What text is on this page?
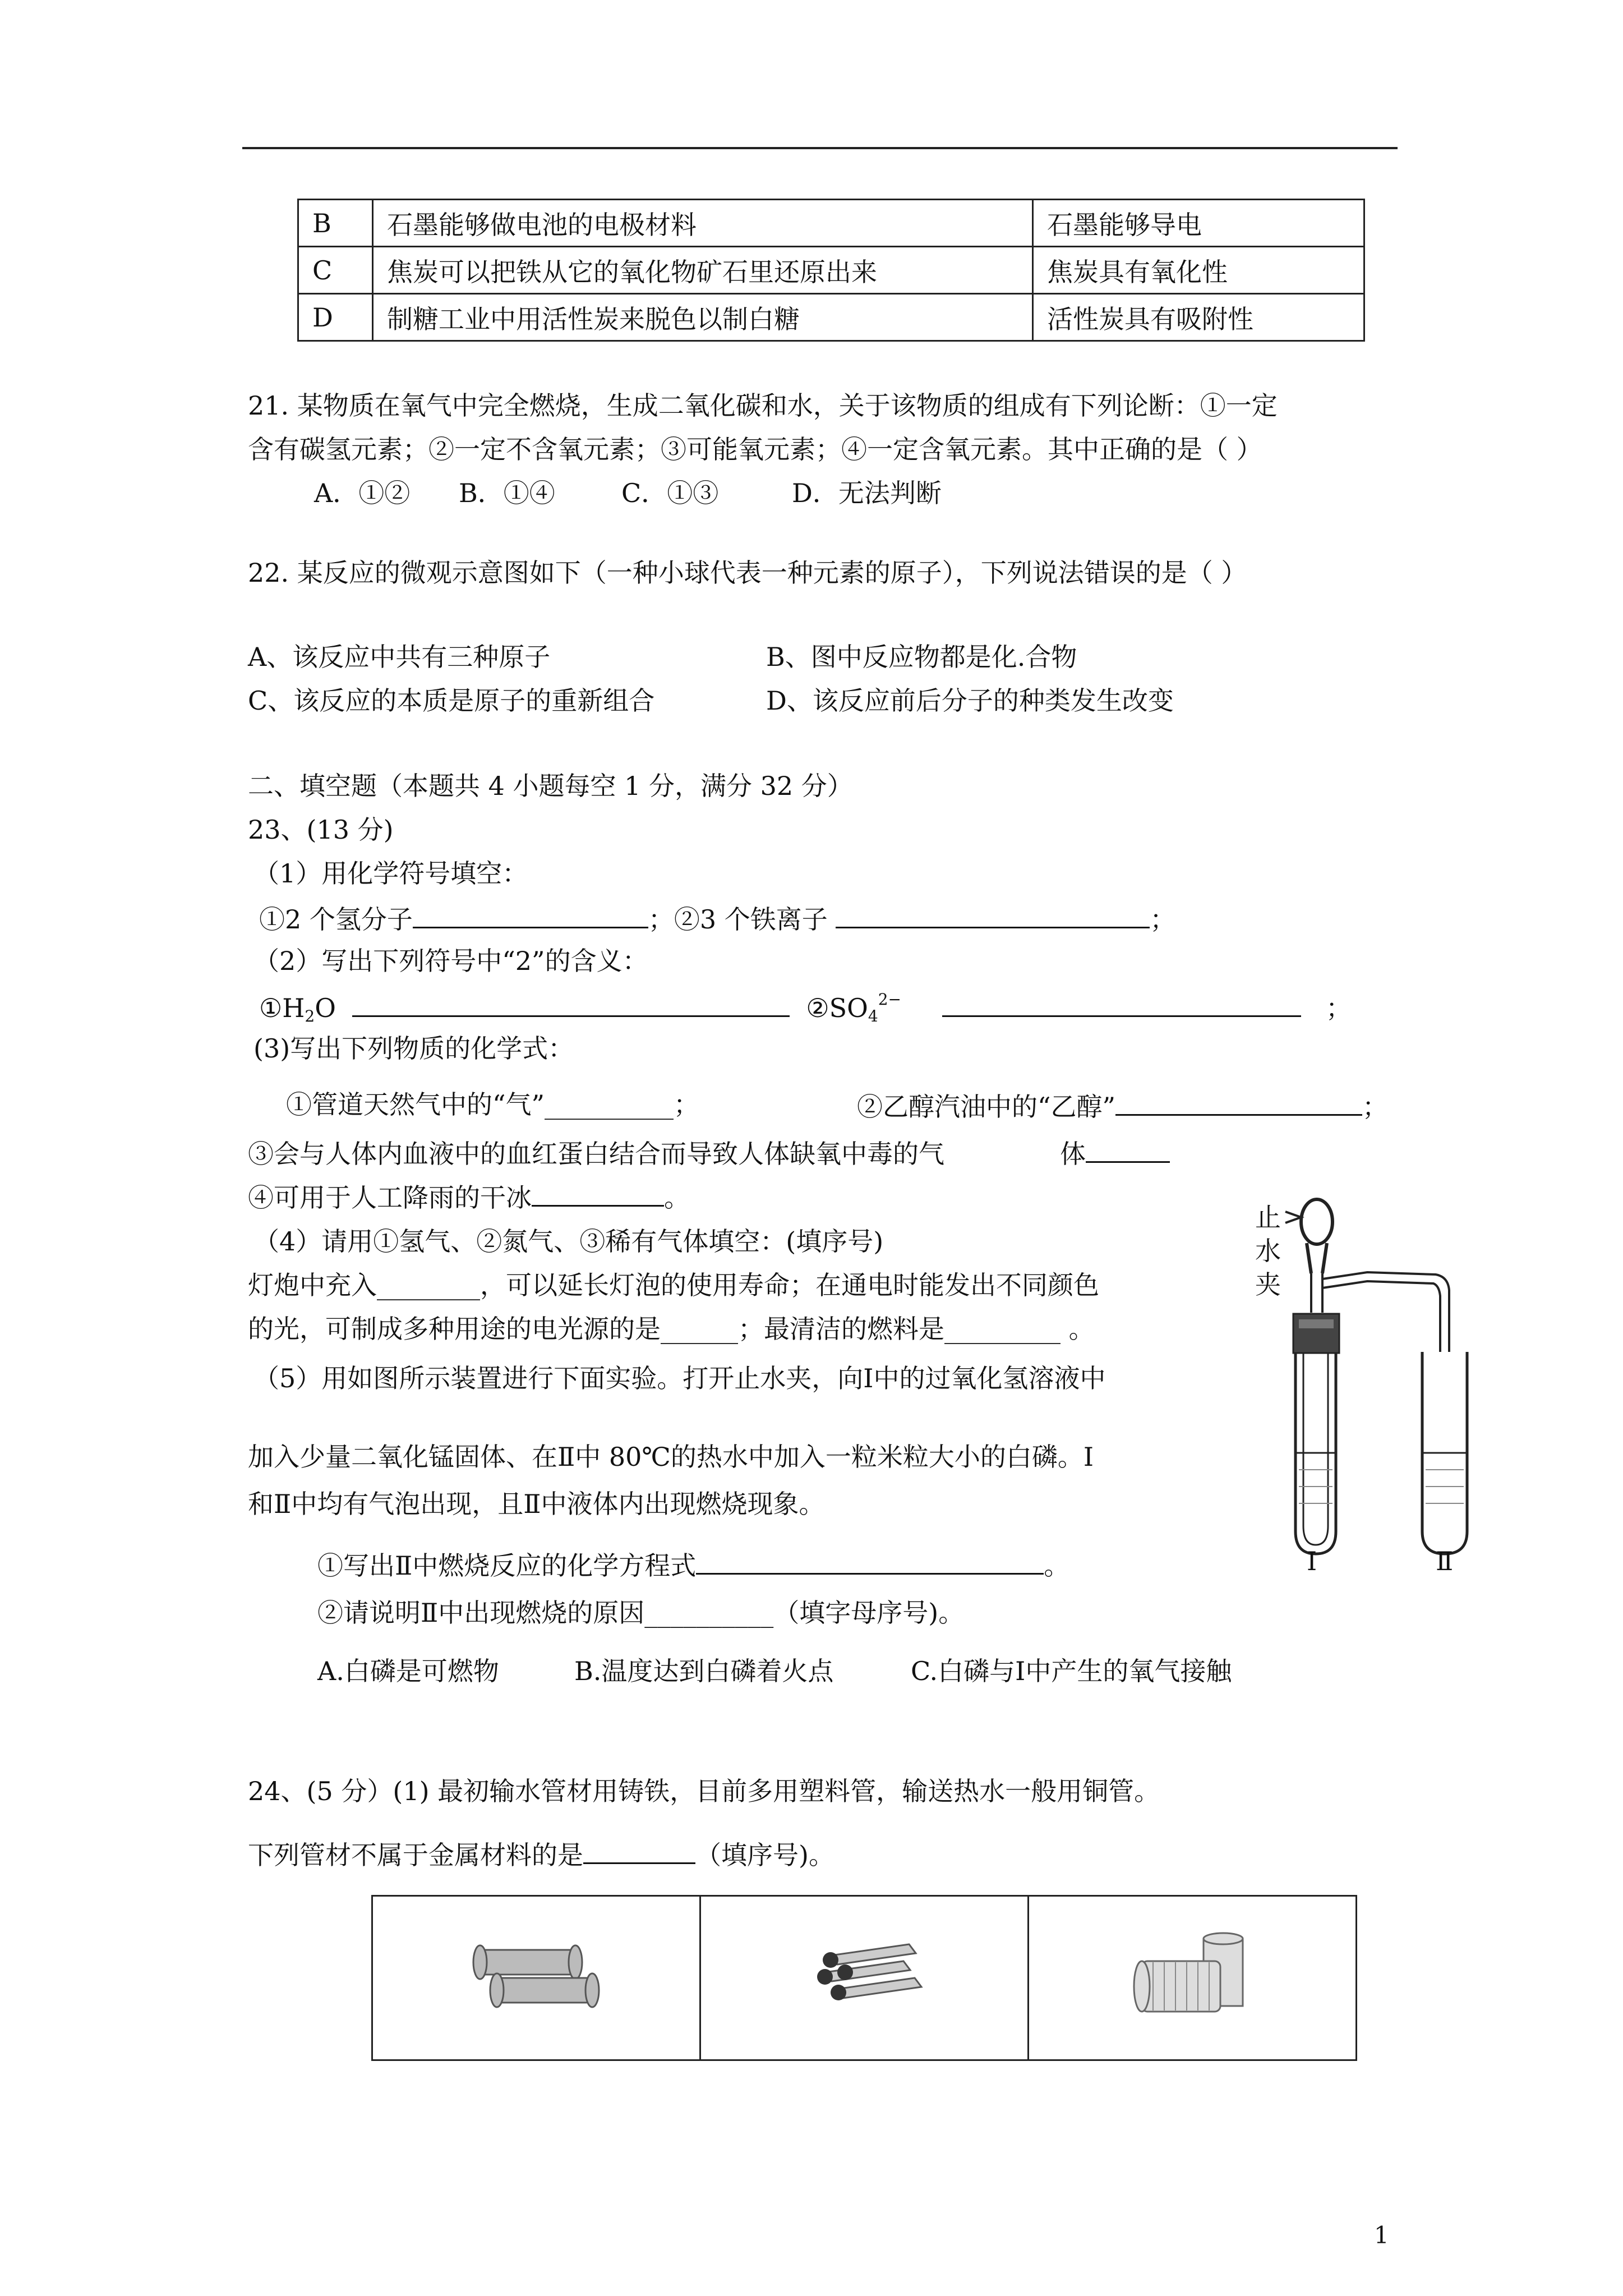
B	石墨能够做电池的电极材料	石墨能够导电
C	焦炭可以把铁从它的氧化物矿石里还原出来	焦炭具有氧化性
D	制糖工业中用活性炭来脱色以制白糖	活性炭具有吸附性
21. 某物质在氧气中完全燃烧，生成二氧化碳和水，关于该物质的组成有下列论断：①一定
含有碳氢元素；②一定不含氧元素；③可能氧元素；④一定含氧元素。其中正确的是（ ）
A．①② B．①④	C．①③	D．无法判断
22. 某反应的微观示意图如下（一种小球代表一种元素的原子），下列说法错误的是（ ）
A、该反应中共有三种原子	B、图中反应物都是化.合物
C、该反应的本质是原子的重新组合	D、该反应前后分子的种类发生改变
二、填空题（本题共 4 小题每空 1 分，满分 32 分）
23、(13 分)
（1）用化学符号填空：
①2 个氢分子	；②3 个铁离子	；
（2）写出下列符号中“2”的含义：
$①H_2O$	$②SO_4^{2-}$	；
(3)写出下列物质的化学式：
①管道天然气中的“气”__________；	②乙醇汽油中的“乙醇”	；
③会与人体内血液中的血红蛋白结合而导致人体缺氧中毒的气	体
④可用于人工降雨的干冰	。
（4）请用①氢气、②氮气、③稀有气体填空：(填序号)
灯炮中充入________，可以延长灯泡的使用寿命；在通电时能发出不同颜色
的光，可制成多种用途的电光源的是______；最清洁的燃料是_________ 。
（5）用如图所示装置进行下面实验。打开止水夹，向Ⅰ中的过氧化氢溶液中
加入少量二氧化锰固体、在Ⅱ中 80℃的热水中加入一粒米粒大小的白磷。Ⅰ
和Ⅱ中均有气泡出现，且Ⅱ中液体内出现燃烧现象。
①写出Ⅱ中燃烧反应的化学方程式	。
②请说明Ⅱ中出现燃烧的原因__________（填字母序号)。
A.白磷是可燃物	B.温度达到白磷着火点	C.白磷与Ⅰ中产生的氧气接触
止水夹
Ⅰ	Ⅱ
24、(5 分）(1) 最初输水管材用铸铁，目前多用塑料管，输送热水一般用铜管。
下列管材不属于金属材料的是	（填序号)。

1
